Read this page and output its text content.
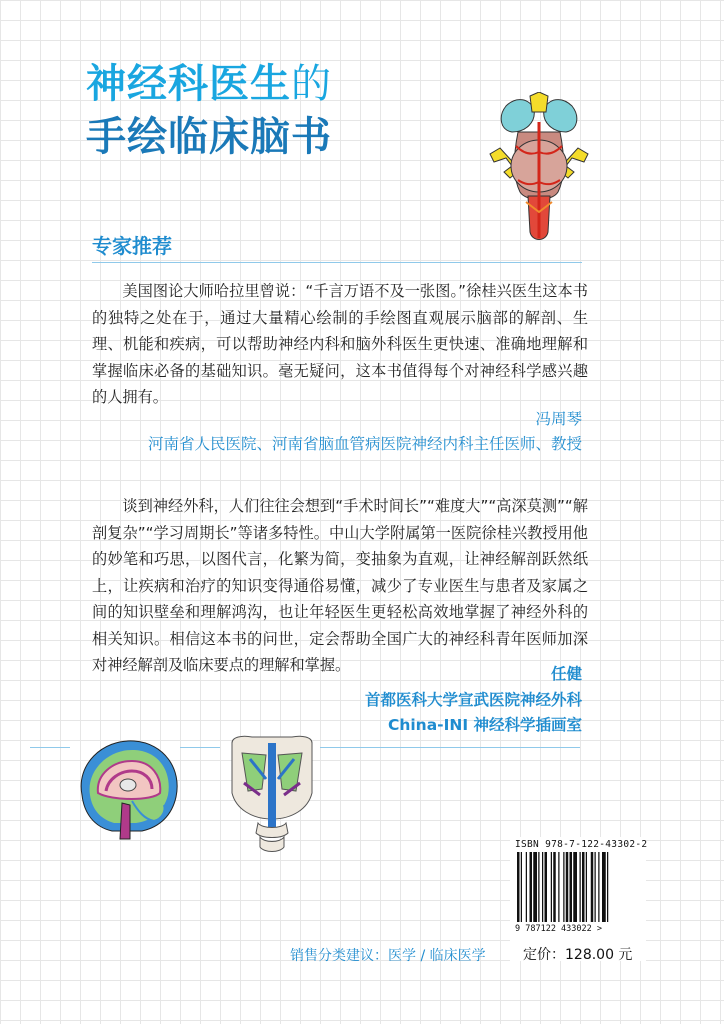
神经科医生的
手绘临床脑书
专家推荐
美国图论大师哈拉里曾说：“千言万语不及一张图。”徐桂兴医生这本书的独特之处在于，通过大量精心绘制的手绘图直观展示脑部的解剖、生理、机能和疾病，可以帮助神经内科和脑外科医生更快速、准确地理解和掌握临床必备的基础知识。毫无疑问，这本书值得每个对神经科学感兴趣的人拥有。
冯周琴
河南省人民医院、河南省脑血管病医院神经内科主任医师、教授
谈到神经外科，人们往往会想到“手术时间长”“难度大”“高深莫测”“解剖复杂”“学习周期长”等诸多特性。中山大学附属第一医院徐桂兴教授用他的妙笔和巧思，以图代言，化繁为简，变抽象为直观，让神经解剖跃然纸上，让疾病和治疗的知识变得通俗易懂，减少了专业医生与患者及家属之间的知识壁垒和理解鸿沟，也让年轻医生更轻松高效地掌握了神经外科的相关知识。相信这本书的问世，定会帮助全国广大的神经科青年医师加深对神经解剖及临床要点的理解和掌握。	任健
首都医科大学宣武医院神经外科
China-INI 神经科学插画室
ISBN 978-7-122-43302-2
9 787122 433022 >
定价：128.00 元
销售分类建议：医学 / 临床医学
